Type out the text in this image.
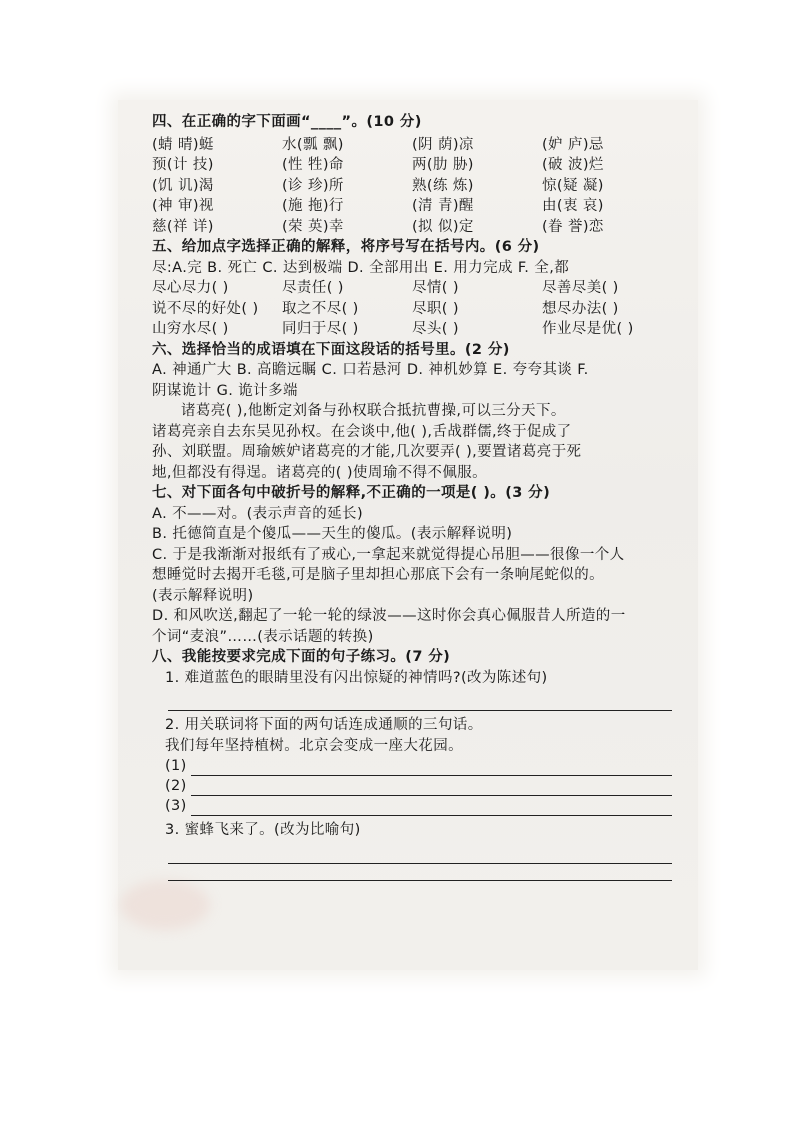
四、在正确的字下面画“____”。(10 分)

(蜻 晴)蜓	水(瓢 飘)	(阴 荫)凉	(妒 庐)忌
预(计 技)	(性 牲)命	两(肋 胁)	(破 波)烂
(饥 讥)渴	(诊 珍)所	熟(练 炼)	惊(疑 凝)
(神 审)视	(施 拖)行	(清 青)醒	由(衷 哀)
慈(祥 详)	(荣 英)幸	(拟 似)定	(眷 誉)恋

五、给加点字选择正确的解释，将序号写在括号内。(6 分)

尽:A.完 B. 死亡 C. 达到极端 D. 全部用出 E. 用力完成 F. 全,都

尽心尽力( )	尽责任( )	尽情( )	尽善尽美( )
说不尽的好处( )	取之不尽( )	尽职( )	想尽办法( )
山穷水尽( )	同归于尽( )	尽头( )	作业尽是优( )

六、选择恰当的成语填在下面这段话的括号里。(2 分)

A. 神通广大 B. 高瞻远瞩 C. 口若悬河 D. 神机妙算 E. 夸夸其谈 F.

阴谋诡计 G. 诡计多端

诸葛亮( ),他断定刘备与孙权联合抵抗曹操,可以三分天下。

诸葛亮亲自去东吴见孙权。在会谈中,他( ),舌战群儒,终于促成了

孙、刘联盟。周瑜嫉妒诸葛亮的才能,几次要弄( ),要置诸葛亮于死

地,但都没有得逞。诸葛亮的( )使周瑜不得不佩服。

七、对下面各句中破折号的解释,不正确的一项是( )。(3 分)

A. 不——对。(表示声音的延长)

B. 托德简直是个傻瓜——天生的傻瓜。(表示解释说明)

C. 于是我渐渐对报纸有了戒心,一拿起来就觉得提心吊胆——很像一个人

想睡觉时去揭开毛毯,可是脑子里却担心那底下会有一条响尾蛇似的。

(表示解释说明)

D. 和风吹送,翻起了一轮一轮的绿波——这时你会真心佩服昔人所造的一

个词“麦浪”……(表示话题的转换)

八、我能按要求完成下面的句子练习。(7 分)

1. 难道蓝色的眼睛里没有闪出惊疑的神情吗?(改为陈述句)

2. 用关联词将下面的两句话连成通顺的三句话。

我们每年坚持植树。北京会变成一座大花园。

(1)
(2)
(3)

3. 蜜蜂飞来了。(改为比喻句)
